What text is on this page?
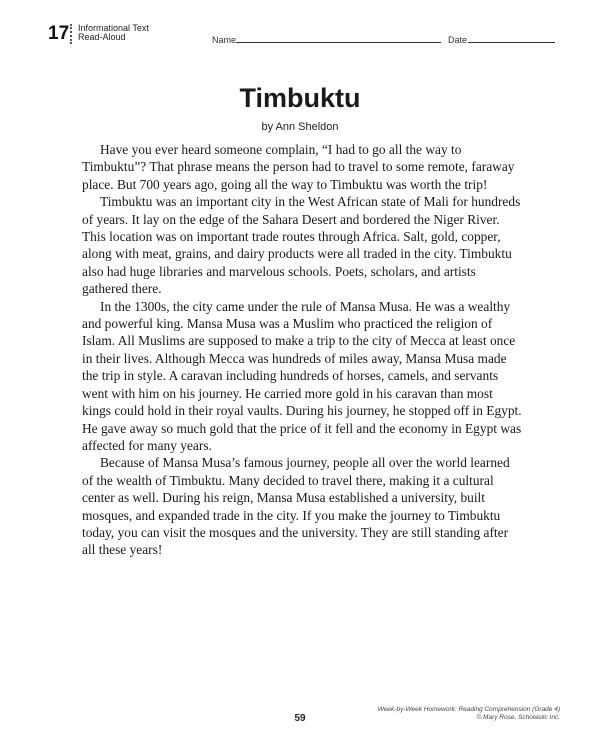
17 Informational Text
Read-Aloud	Name	Date
Timbuktu
by Ann Sheldon

Have you ever heard someone complain, “I had to go all the way to Timbuktu”? That phrase means the person had to travel to some remote, faraway place. But 700 years ago, going all the way to Timbuktu was worth the trip!

Timbuktu was an important city in the West African state of Mali for hundreds of years. It lay on the edge of the Sahara Desert and bordered the Niger River. This location was on important trade routes through Africa. Salt, gold, copper, along with meat, grains, and dairy products were all traded in the city. Timbuktu also had huge libraries and marvelous schools. Poets, scholars, and artists gathered there.

In the 1300s, the city came under the rule of Mansa Musa. He was a wealthy and powerful king. Mansa Musa was a Muslim who practiced the religion of Islam. All Muslims are supposed to make a trip to the city of Mecca at least once in their lives. Although Mecca was hundreds of miles away, Mansa Musa made the trip in style. A caravan including hundreds of horses, camels, and servants went with him on his journey. He carried more gold in his caravan than most kings could hold in their royal vaults. During his journey, he stopped off in Egypt. He gave away so much gold that the price of it fell and the economy in Egypt was affected for many years.

Because of Mansa Musa’s famous journey, people all over the world learned of the wealth of Timbuktu. Many decided to travel there, making it a cultural center as well. During his reign, Mansa Musa established a university, built mosques, and expanded trade in the city. If you make the journey to Timbuktu today, you can visit the mosques and the university. They are still standing after all these years!

59
Week-by-Week Homework: Reading Comprehension (Grade 4)
© Mary Rose, Scholastic Inc.
